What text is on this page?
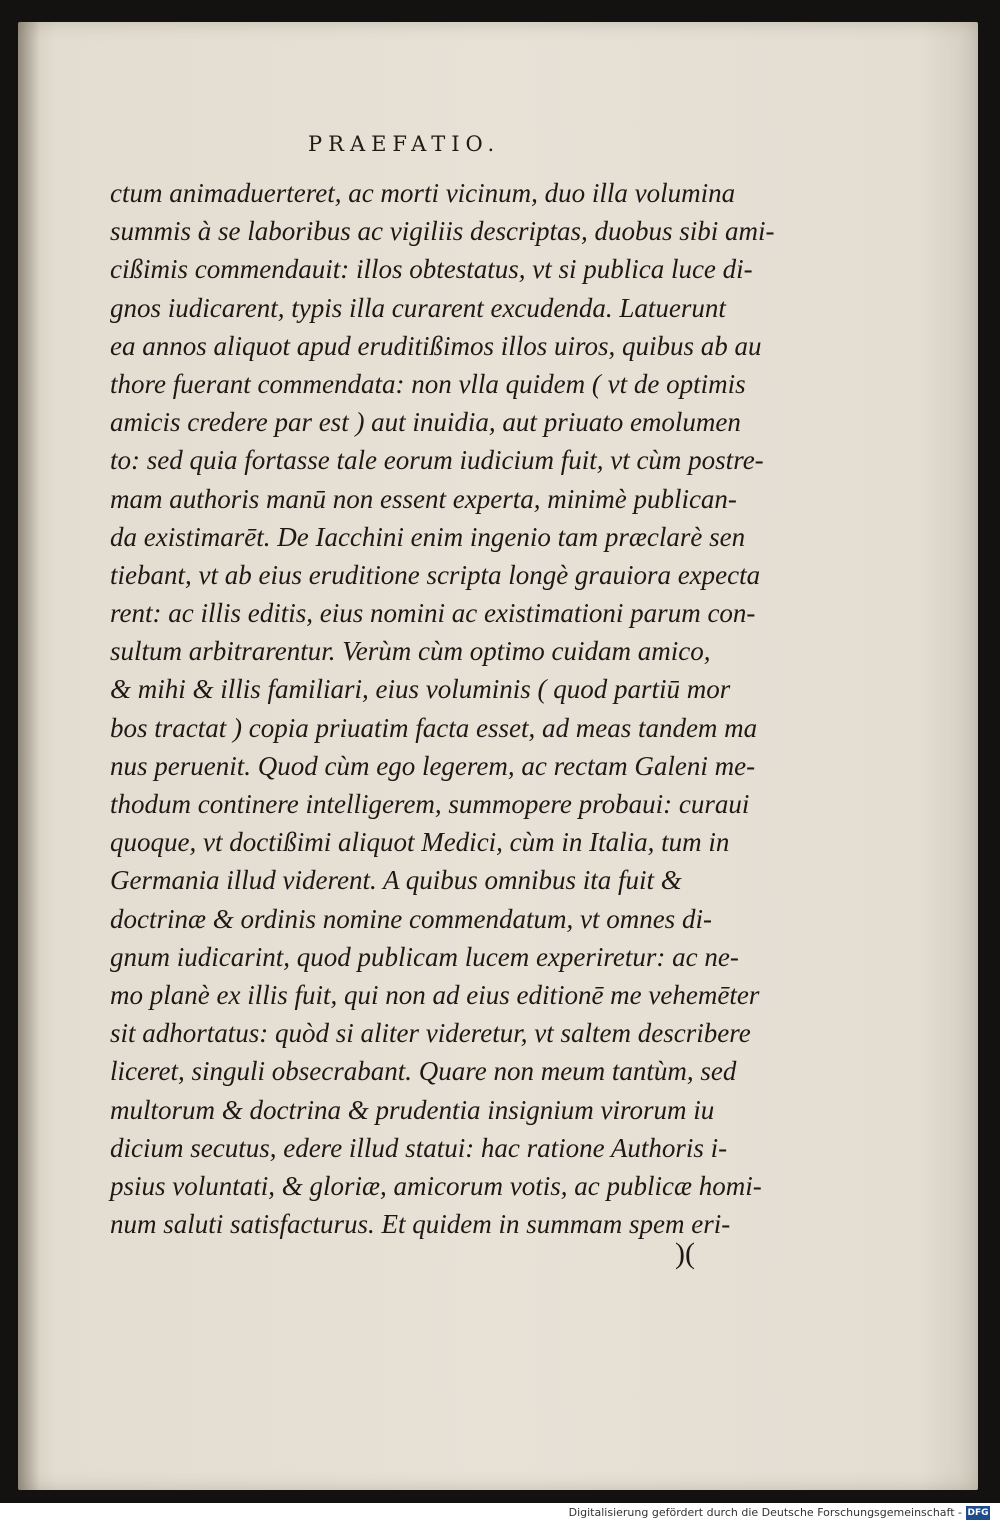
PRAEFATIO.
ctum animaduerteret, ac morti vicinum, duo illa volumina
summis à se laboribus ac vigiliis descriptas, duobus sibi ami-
cißimis commendauit: illos obtestatus, vt si publica luce di-
gnos iudicarent, typis illa curarent excudenda. Latuerunt
ea annos aliquot apud eruditißimos illos uiros, quibus ab au
thore fuerant commendata: non vlla quidem ( vt de optimis
amicis credere par est ) aut inuidia, aut priuato emolumen
to: sed quia fortasse tale eorum iudicium fuit, vt cùm postre-
mam authoris manū non essent experta, minimè publican-
da existimarēt. De Iacchini enim ingenio tam præclarè sen
tiebant, vt ab eius eruditione scripta longè grauiora expecta
rent: ac illis editis, eius nomini ac existimationi parum con-
sultum arbitrarentur. Verùm cùm optimo cuidam amico,
& mihi & illis familiari, eius voluminis ( quod partiū mor
bos tractat ) copia priuatim facta esset, ad meas tandem ma
nus peruenit. Quod cùm ego legerem, ac rectam Galeni me-
thodum continere intelligerem, summopere probaui: curaui
quoque, vt doctißimi aliquot Medici, cùm in Italia, tum in
Germania illud viderent. A quibus omnibus ita fuit &
doctrinæ & ordinis nomine commendatum, vt omnes di-
gnum iudicarint, quod publicam lucem experiretur: ac ne-
mo planè ex illis fuit, qui non ad eius editionē me vehemēter
sit adhortatus: quòd si aliter videretur, vt saltem describere
liceret, singuli obsecrabant. Quare non meum tantùm, sed
multorum & doctrina & prudentia insignium virorum iu
dicium secutus, edere illud statui: hac ratione Authoris i-
psius voluntati, & gloriæ, amicorum votis, ac publicæ homi-
num saluti satisfacturus. Et quidem in summam spem eri-
)(
Digitalisierung gefördert durch die Deutsche Forschungsgemeinschaft - DFG
